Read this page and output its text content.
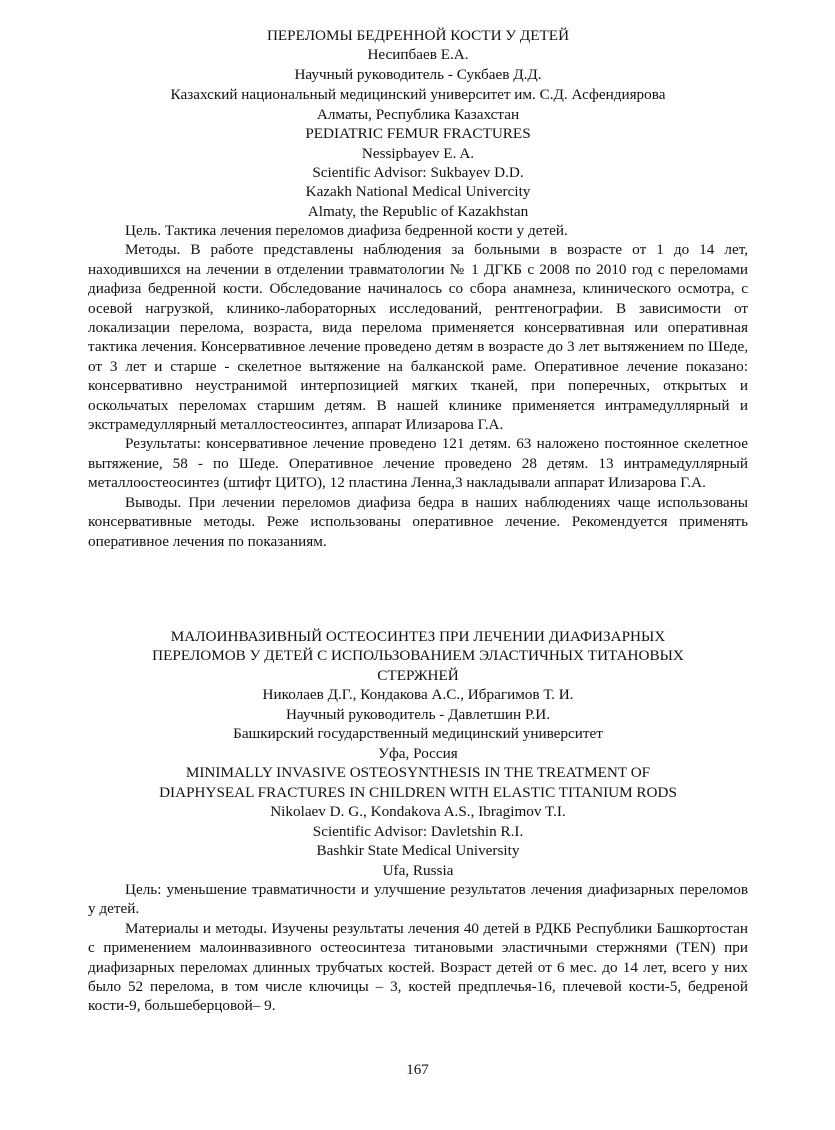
ПЕРЕЛОМЫ БЕДРЕННОЙ КОСТИ У ДЕТЕЙ
Несипбаев Е.А.
Научный руководитель - Сукбаев Д.Д.
Казахский национальный медицинский университет им. С.Д. Асфендиярова
Алматы, Республика Казахстан
PEDIATRIC FEMUR FRACTURES
Nessipbayev E. A.
Scientific Advisor: Sukbayev D.D.
Kazakh National Medical Univercity
Almaty, the Republic of Kazakhstan

Цель. Тактика лечения переломов диафиза бедренной кости у детей.

Методы. В работе представлены наблюдения за больными в возрасте от 1 до 14 лет, находившихся на лечении в отделении травматологии № 1 ДГКБ с 2008 по 2010 год с переломами диафиза бедренной кости. Обследование начиналось со сбора анамнеза, клинического осмотра, с осевой нагрузкой, клинико-лабораторных исследований, рентгенографии. В зависимости от локализации перелома, возраста, вида перелома применяется консервативная или оперативная тактика лечения. Консервативное лечение проведено детям в возрасте до 3 лет вытяжением по Шеде, от 3 лет и старше - скелетное вытяжение на балканской раме. Оперативное лечение показано: консервативно неустранимой интерпозицией мягких тканей, при поперечных, открытых и оскольчатых переломах старшим детям. В нашей клинике применяется интрамедуллярный и экстрамедуллярный металлостеосинтез, аппарат Илизарова Г.А.

Результаты: консервативное лечение проведено 121 детям. 63 наложено постоянное скелетное вытяжение, 58 - по Шеде. Оперативное лечение проведено 28 детям. 13 интрамедуллярный металлоостеосинтез (штифт ЦИТО), 12 пластина Ленна,3 накладывали аппарат Илизарова Г.А.

Выводы. При лечении переломов диафиза бедра в наших наблюдениях чаще использованы консервативные методы. Реже использованы оперативное лечение. Рекомендуется применять оперативное лечения по показаниям.

МАЛОИНВАЗИВНЫЙ ОСТЕОСИНТЕЗ ПРИ ЛЕЧЕНИИ ДИАФИЗАРНЫХ
ПЕРЕЛОМОВ У ДЕТЕЙ С ИСПОЛЬЗОВАНИЕМ ЭЛАСТИЧНЫХ ТИТАНОВЫХ
СТЕРЖНЕЙ
Николаев Д.Г., Кондакова А.С., Ибрагимов Т. И.
Научный руководитель - Давлетшин Р.И.
Башкирский государственный медицинский университет
Уфа, Россия
MINIMALLY INVASIVE OSTEOSYNTHESIS IN THE TREATMENT OF
DIAPHYSEAL FRACTURES IN CHILDREN WITH ELASTIC TITANIUM RODS
Nikolaev D. G., Kondakova A.S., Ibragimov T.I.
Scientific Advisor: Davletshin R.I.
Bashkir State Medical University
Ufa, Russia

Цель: уменьшение травматичности и улучшение результатов лечения диафизарных переломов у детей.

Материалы и методы. Изучены результаты лечения 40 детей в РДКБ Республики Башкортостан с применением малоинвазивного остеосинтеза титановыми эластичными стержнями (TEN) при диафизарных переломах длинных трубчатых костей. Возраст детей от 6 мес. до 14 лет, всего у них было 52 перелома, в том числе ключицы – 3, костей предплечья-16, плечевой кости-5, бедреной кости-9, большеберцовой– 9.

167
